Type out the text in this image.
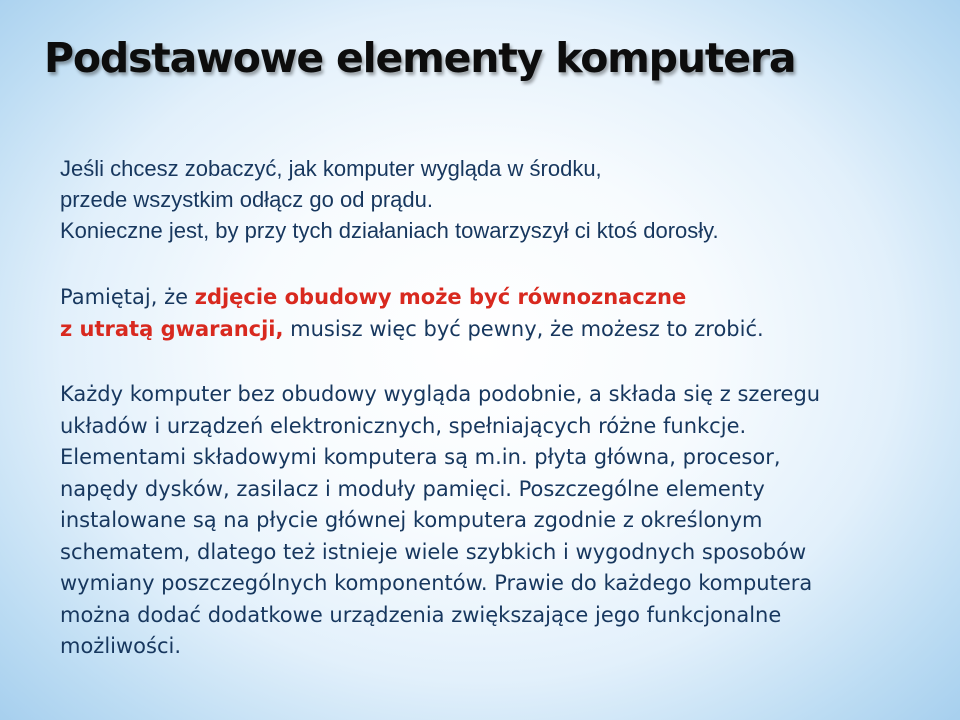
Podstawowe elementy komputera

Jeśli chcesz zobaczyć, jak komputer wygląda w środku,
przede wszystkim odłącz go od prądu.
Konieczne jest, by przy tych działaniach towarzyszył ci ktoś dorosły.

Pamiętaj, że zdjęcie obudowy może być równoznaczne
z utratą gwarancji, musisz więc być pewny, że możesz to zrobić.

Każdy komputer bez obudowy wygląda podobnie, a składa się z szeregu
układów i urządzeń elektronicznych, spełniających różne funkcje.
Elementami składowymi komputera są m.in. płyta główna, procesor,
napędy dysków, zasilacz i moduły pamięci. Poszczególne elementy
instalowane są na płycie głównej komputera zgodnie z określonym
schematem, dlatego też istnieje wiele szybkich i wygodnych sposobów
wymiany poszczególnych komponentów. Prawie do każdego komputera
można dodać dodatkowe urządzenia zwiększające jego funkcjonalne
możliwości.
